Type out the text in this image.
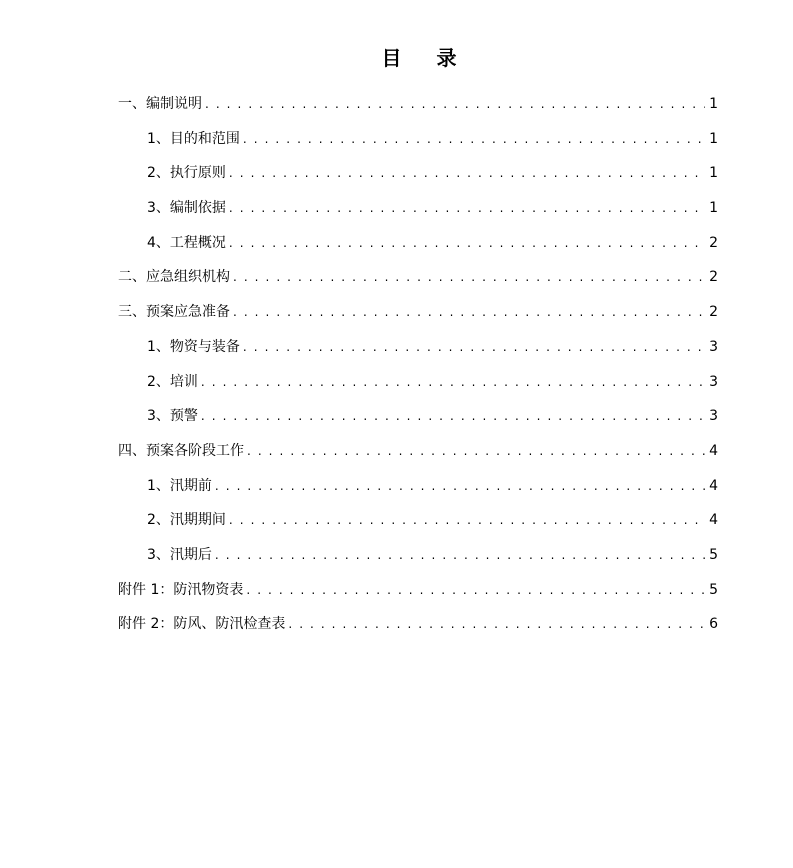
目 录
一、编制说明 . . .	1
1、目的和范围 . . .	1
2、执行原则 . . .	1
3、编制依据 . . .	1
4、工程概况 . . .	2
二、应急组织机构 . . .	2
三、预案应急准备 . . .	2
1、物资与装备 . . .	3
2、培训 . . .	3
3、预警 . . .	3
四、预案各阶段工作 . . .	4
1、汛期前 . . .	4
2、汛期期间 . . .	4
3、汛期后 . . .	5
附件 1：防汛物资表 . . .	5
附件 2：防风、防汛检查表 . . .	6
